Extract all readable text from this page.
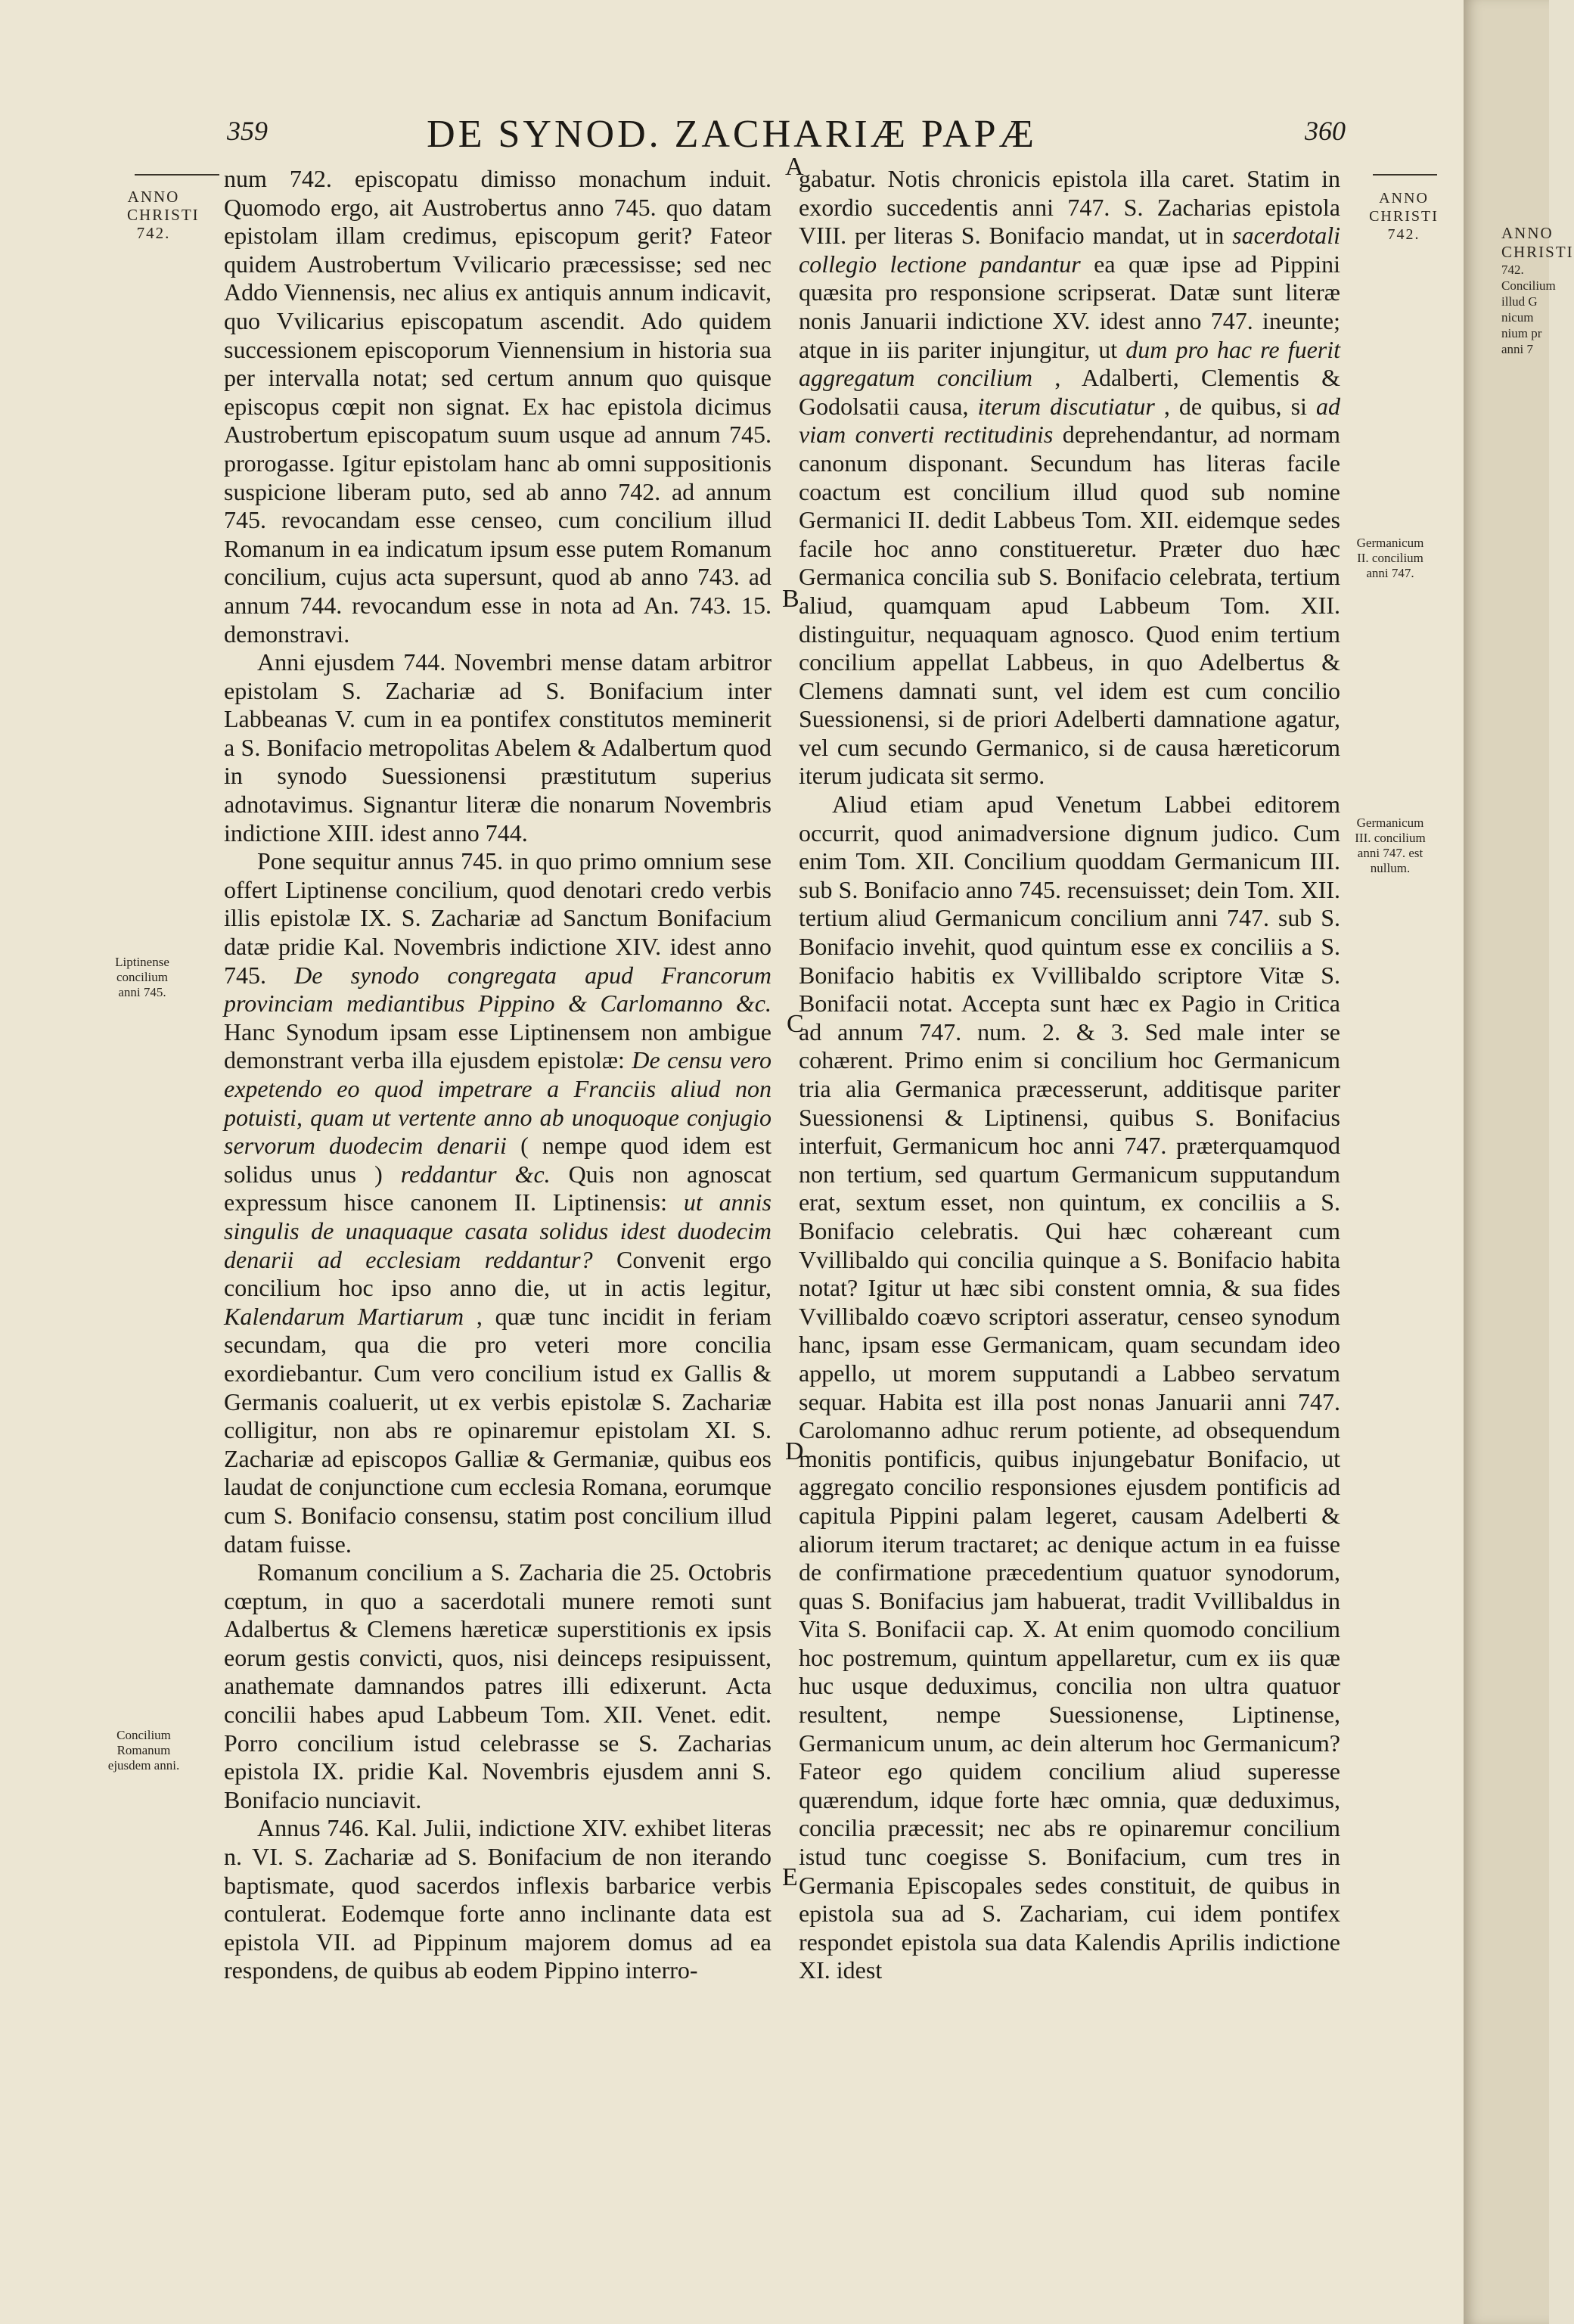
359	DE SYNOD. ZACHARIÆ PAPÆ	360
ANNO CHRISTI 742.
Liptinense concilium anni 745.
Concilium Romanum ejusdem anni.
ANNO CHRISTI 742.
Germanicum II. concilium anni 747.
Germanicum III. concilium anni 747. est nullum.
A
B
C
D
E

num 742. episcopatu dimisso monachum induit. Quomodo ergo, ait Austrobertus anno 745. quo datam epistolam illam credimus, episcopum gerit? Fateor quidem Austrobertum Vvilicario præcessisse; sed nec Addo Viennensis, nec alius ex antiquis annum indicavit, quo Vvilicarius episcopatum ascendit. Ado quidem successionem episcoporum Viennensium in historia sua per intervalla notat; sed certum annum quo quisque episcopus cœpit non signat. Ex hac epistola dicimus Austrobertum episcopatum suum usque ad annum 745. prorogasse. Igitur epistolam hanc ab omni suppositionis suspicione liberam puto, sed ab anno 742. ad annum 745. revocandam esse censeo, cum concilium illud Romanum in ea indicatum ipsum esse putem Romanum concilium, cujus acta supersunt, quod ab anno 743. ad annum 744. revocandum esse in nota ad An. 743. 15. demonstravi.

Anni ejusdem 744. Novembri mense datam arbitror epistolam S. Zachariæ ad S. Bonifacium inter Labbeanas V. cum in ea pontifex constitutos meminerit a S. Bonifacio metropolitas Abelem & Adalbertum quod in synodo Suessionensi præstitutum superius adnotavimus. Signantur literæ die nonarum Novembris indictione XIII. idest anno 744.

Pone sequitur annus 745. in quo primo omnium sese offert Liptinense concilium, quod denotari credo verbis illis epistolæ IX. S. Zachariæ ad Sanctum Bonifacium datæ pridie Kal. Novembris indictione XIV. idest anno 745. De synodo congregata apud Francorum provinciam mediantibus Pippino & Carlomanno &c. Hanc Synodum ipsam esse Liptinensem non ambigue demonstrant verba illa ejusdem epistolæ: De censu vero expetendo eo quod impetrare a Franciis aliud non potuisti, quam ut vertente anno ab unoquoque conjugio servorum duodecim denarii ( nempe quod idem est solidus unus ) reddantur &c. Quis non agnoscat expressum hisce canonem II. Liptinensis: ut annis singulis de unaquaque casata solidus idest duodecim denarii ad ecclesiam reddantur? Convenit ergo concilium hoc ipso anno die, ut in actis legitur, Kalendarum Martiarum , quæ tunc incidit in feriam secundam, qua die pro veteri more concilia exordiebantur. Cum vero concilium istud ex Gallis & Germanis coaluerit, ut ex verbis epistolæ S. Zachariæ colligitur, non abs re opinaremur epistolam XI. S. Zachariæ ad episcopos Galliæ & Germaniæ, quibus eos laudat de conjunctione cum ecclesia Romana, eorumque cum S. Bonifacio consensu, statim post concilium illud datam fuisse.

Romanum concilium a S. Zacharia die 25. Octobris cœptum, in quo a sacerdotali munere remoti sunt Adalbertus & Clemens hæreticæ superstitionis ex ipsis eorum gestis convicti, quos, nisi deinceps resipuissent, anathemate damnandos patres illi edixerunt. Acta concilii habes apud Labbeum Tom. XII. Venet. edit. Porro concilium istud celebrasse se S. Zacharias epistola IX. pridie Kal. Novembris ejusdem anni S. Bonifacio nunciavit.

Annus 746. Kal. Julii, indictione XIV. exhibet literas n. VI. S. Zachariæ ad S. Bonifacium de non iterando baptismate, quod sacerdos inflexis barbarice verbis contulerat. Eodemque forte anno inclinante data est epistola VII. ad Pippinum majorem domus ad ea respondens, de quibus ab eodem Pippino interro-

gabatur. Notis chronicis epistola illa caret. Statim in exordio succedentis anni 747. S. Zacharias epistola VIII. per literas S. Bonifacio mandat, ut in sacerdotali collegio lectione pandantur ea quæ ipse ad Pippini quæsita pro responsione scripserat. Datæ sunt literæ nonis Januarii indictione XV. idest anno 747. ineunte; atque in iis pariter injungitur, ut dum pro hac re fuerit aggregatum concilium , Adalberti, Clementis & Godolsatii causa, iterum discutiatur , de quibus, si ad viam converti rectitudinis deprehendantur, ad normam canonum disponant. Secundum has literas facile coactum est concilium illud quod sub nomine Germanici II. dedit Labbeus Tom. XII. eidemque sedes facile hoc anno constitueretur. Præter duo hæc Germanica concilia sub S. Bonifacio celebrata, tertium aliud, quamquam apud Labbeum Tom. XII. distinguitur, nequaquam agnosco. Quod enim tertium concilium appellat Labbeus, in quo Adelbertus & Clemens damnati sunt, vel idem est cum concilio Suessionensi, si de priori Adelberti damnatione agatur, vel cum secundo Germanico, si de causa hæreticorum iterum judicata sit sermo.

Aliud etiam apud Venetum Labbei editorem occurrit, quod animadversione dignum judico. Cum enim Tom. XII. Concilium quoddam Germanicum III. sub S. Bonifacio anno 745. recensuisset; dein Tom. XII. tertium aliud Germanicum concilium anni 747. sub S. Bonifacio invehit, quod quintum esse ex conciliis a S. Bonifacio habitis ex Vvillibaldo scriptore Vitæ S. Bonifacii notat. Accepta sunt hæc ex Pagio in Critica ad annum 747. num. 2. & 3. Sed male inter se cohærent. Primo enim si concilium hoc Germanicum tria alia Germanica præcesserunt, additisque pariter Suessionensi & Liptinensi, quibus S. Bonifacius interfuit, Germanicum hoc anni 747. præterquamquod non tertium, sed quartum Germanicum supputandum erat, sextum esset, non quintum, ex conciliis a S. Bonifacio celebratis. Qui hæc cohæreant cum Vvillibaldo qui concilia quinque a S. Bonifacio habita notat? Igitur ut hæc sibi constent omnia, & sua fides Vvillibaldo coævo scriptori asseratur, censeo synodum hanc, ipsam esse Germanicam, quam secundam ideo appello, ut morem supputandi a Labbeo servatum sequar. Habita est illa post nonas Januarii anni 747. Carolomanno adhuc rerum potiente, ad obsequendum monitis pontificis, quibus injungebatur Bonifacio, ut aggregato concilio responsiones ejusdem pontificis ad capitula Pippini palam legeret, causam Adelberti & aliorum iterum tractaret; ac denique actum in ea fuisse de confirmatione præcedentium quatuor synodorum, quas S. Bonifacius jam habuerat, tradit Vvillibaldus in Vita S. Bonifacii cap. X. At enim quomodo concilium hoc postremum, quintum appellaretur, cum ex iis quæ huc usque deduximus, concilia non ultra quatuor resultent, nempe Suessionense, Liptinense, Germanicum unum, ac dein alterum hoc Germanicum? Fateor ego quidem concilium aliud superesse quærendum, idque forte hæc omnia, quæ deduximus, concilia præcessit; nec abs re opinaremur concilium istud tunc coegisse S. Bonifacium, cum tres in Germania Episcopales sedes constituit, de quibus in epistola sua ad S. Zachariam, cui idem pontifex respondet epistola sua data Kalendis Aprilis indictione XI. idest

ANNO CHRISTI
742. Concilium illud G nicum nium pr anni 7
